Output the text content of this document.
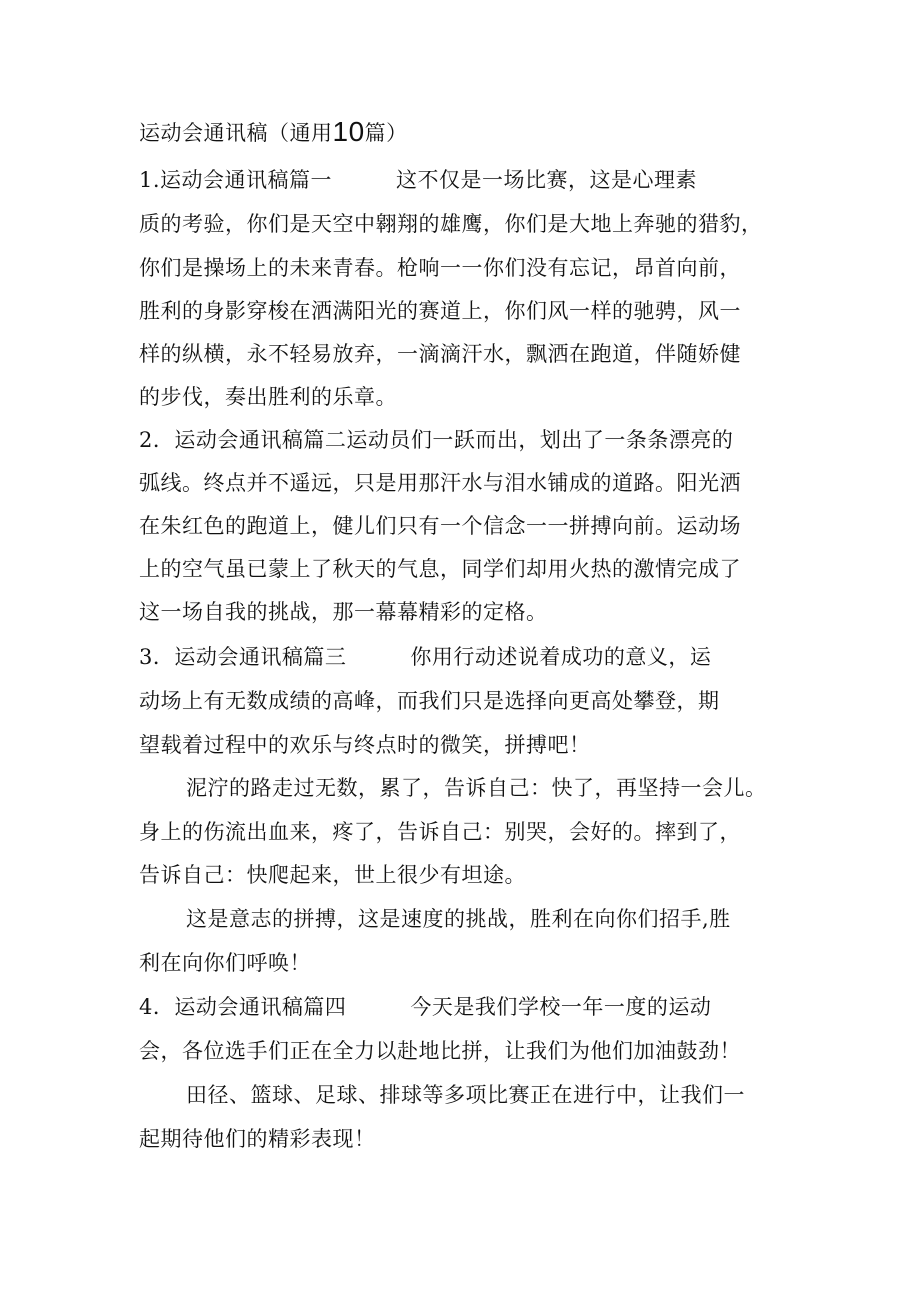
运动会通讯稿（通用10篇）
1.运动会通讯稿篇一	这不仅是一场比赛，这是心理素
质的考验，你们是天空中翱翔的雄鹰，你们是大地上奔驰的猎豹，
你们是操场上的未来青春。枪响一一你们没有忘记，昂首向前，
胜利的身影穿梭在洒满阳光的赛道上，你们风一样的驰骋，风一
样的纵横，永不轻易放弃，一滴滴汗水，飘洒在跑道，伴随娇健
的步伐，奏出胜利的乐章。
2．运动会通讯稿篇二运动员们一跃而出，划出了一条条漂亮的
弧线。终点并不遥远，只是用那汗水与泪水铺成的道路。阳光洒
在朱红色的跑道上，健儿们只有一个信念一一拼搏向前。运动场
上的空气虽已蒙上了秋天的气息，同学们却用火热的激情完成了
这一场自我的挑战，那一幕幕精彩的定格。
3．运动会通讯稿篇三	你用行动述说着成功的意义，运
动场上有无数成绩的高峰，而我们只是选择向更高处攀登，期
望载着过程中的欢乐与终点时的微笑，拼搏吧！
泥泞的路走过无数，累了，告诉自己：快了，再坚持一会儿。
身上的伤流出血来，疼了，告诉自己：别哭，会好的。摔到了，
告诉自己：快爬起来，世上很少有坦途。
这是意志的拼搏，这是速度的挑战，胜利在向你们招手,胜
利在向你们呼唤！
4．运动会通讯稿篇四	今天是我们学校一年一度的运动
会，各位选手们正在全力以赴地比拼，让我们为他们加油鼓劲！
田径、篮球、足球、排球等多项比赛正在进行中，让我们一
起期待他们的精彩表现！
